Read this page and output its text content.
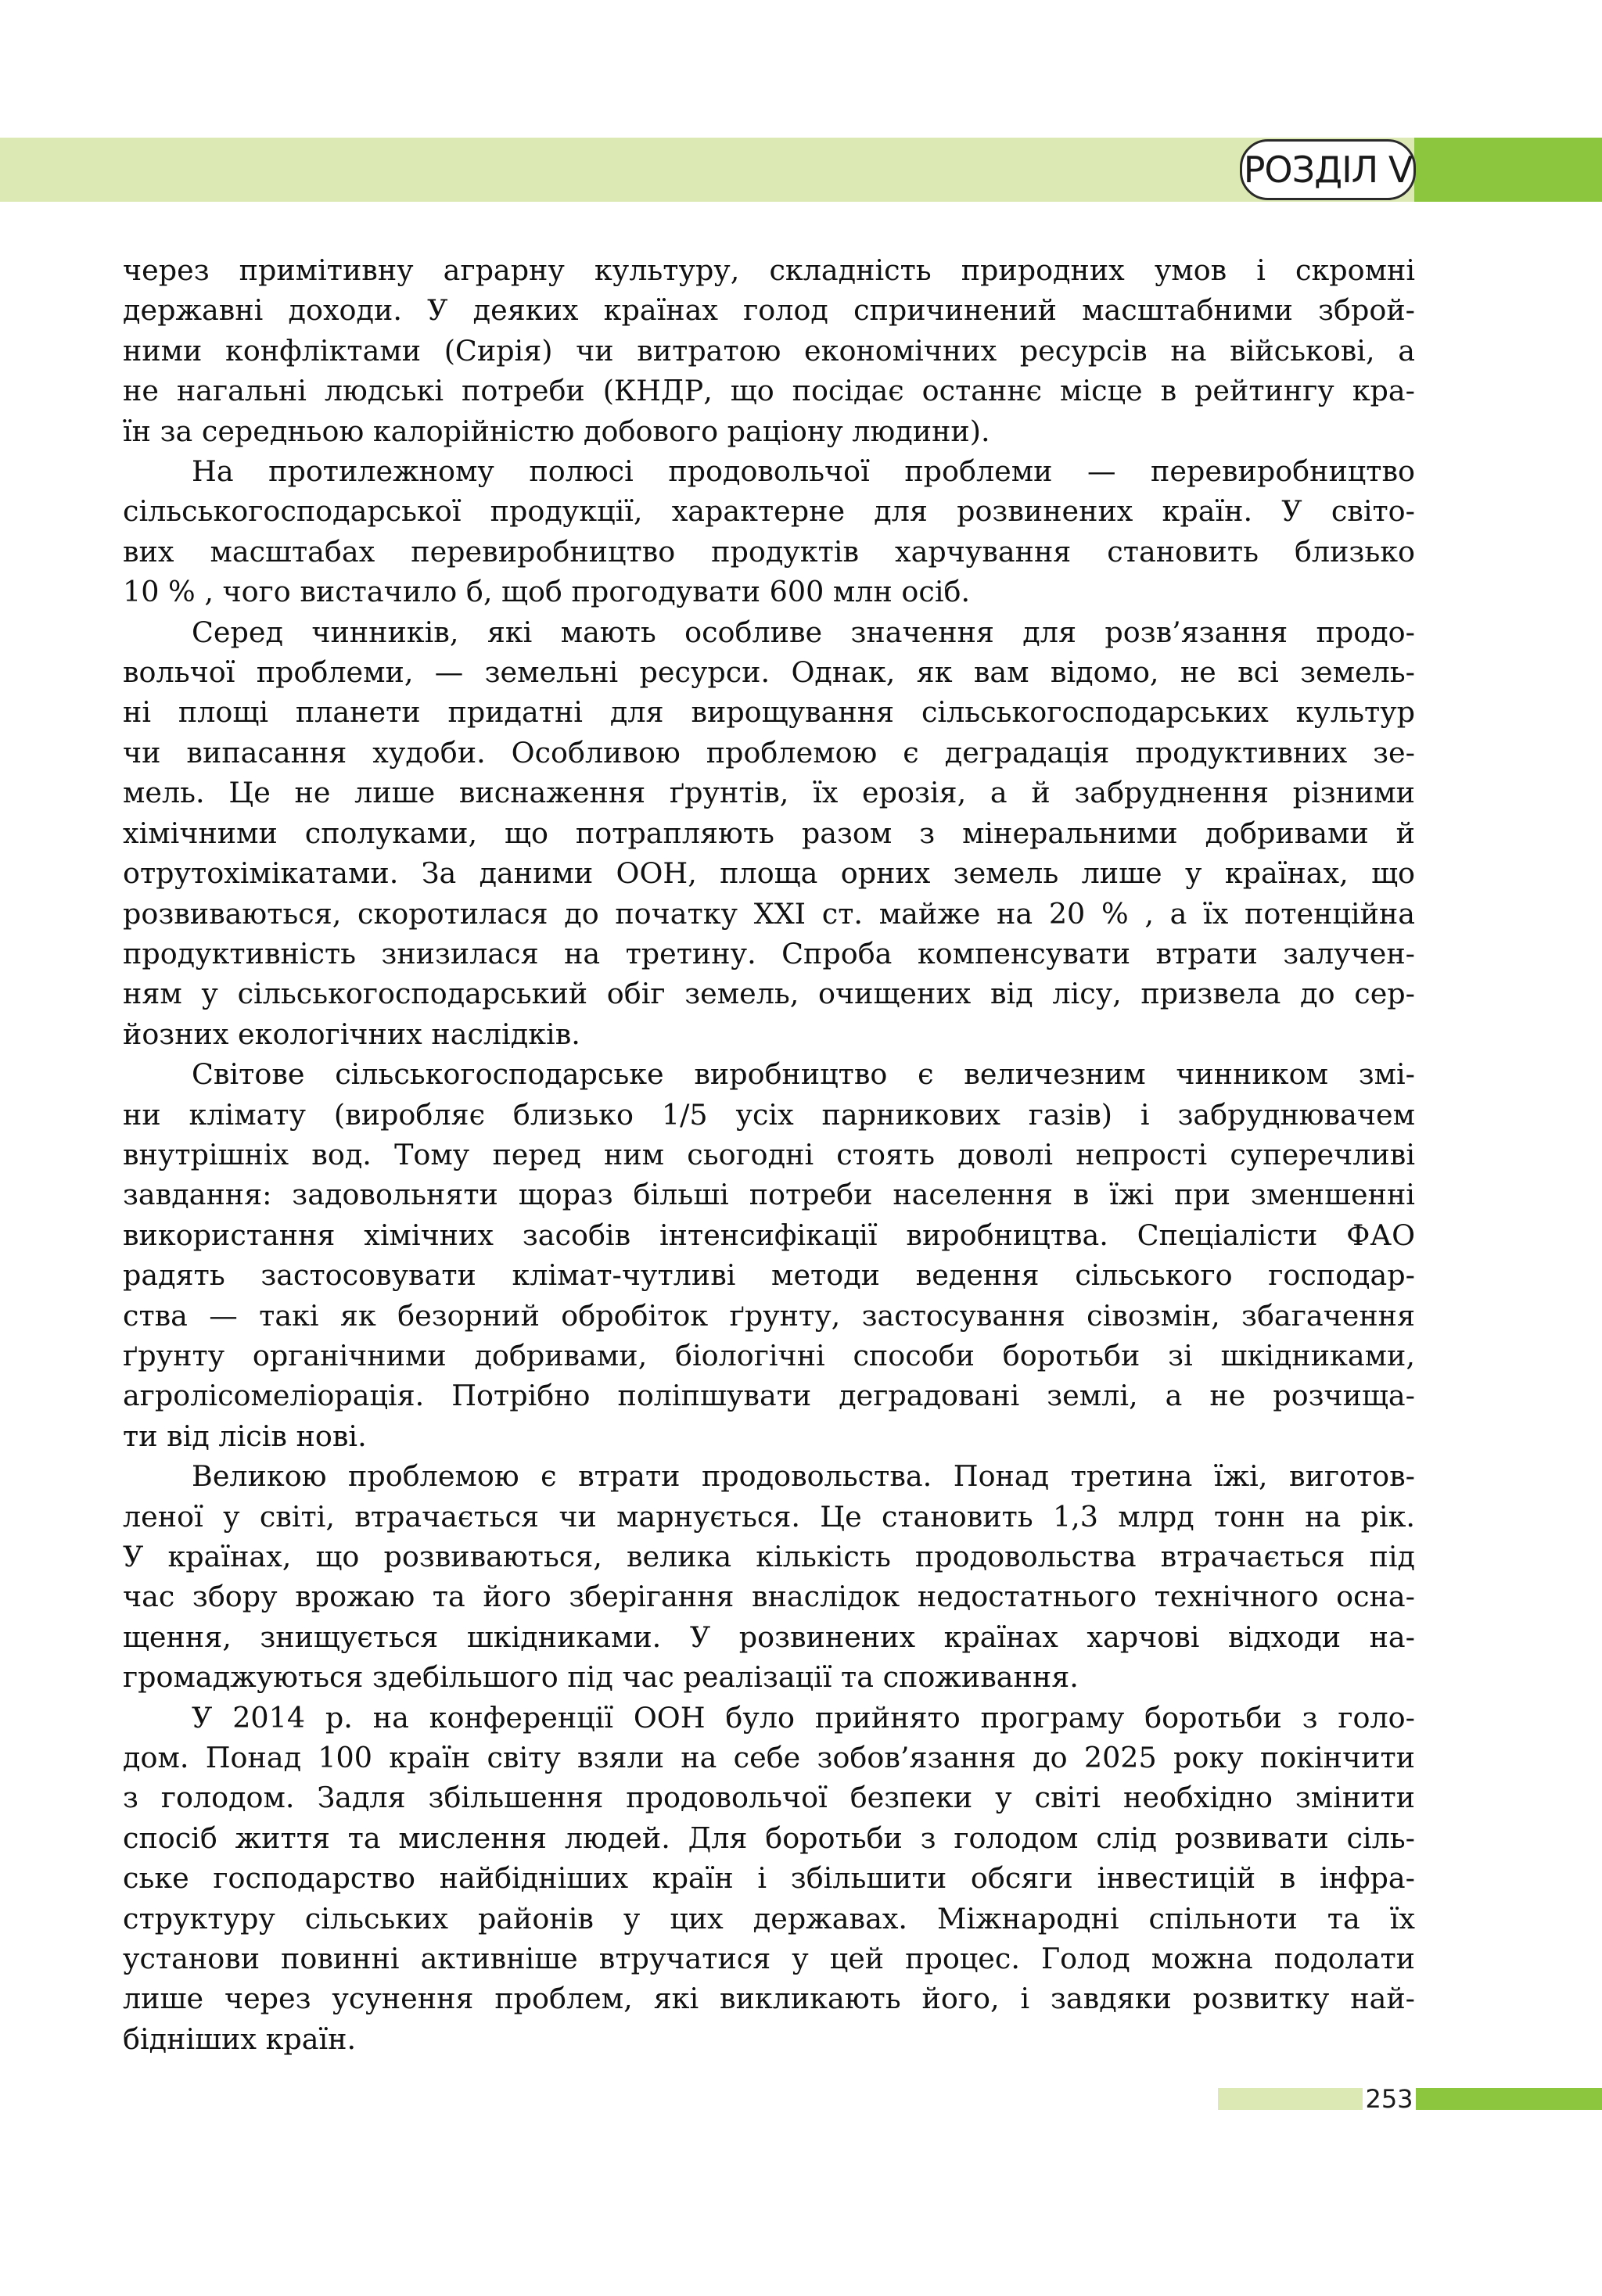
РОЗДІЛ V

через примітивну аграрну культуру, складність природних умов і скромні

державні доходи. У деяких країнах голод спричинений масштабними збрoй-

ними конфліктами (Сирія) чи витратою економічних ресурсів на військові, а

не нагальні людські потреби (КНДР, що посідає останнє місце в рейтингу кра-

їн за середньою калорійністю добового раціону людини).

На протилежному полюсі продовольчої проблеми — перевиробництво

сільськогосподарської продукції, характерне для розвинених країн. У світо-

вих масштабах перевиробництво продуктів харчування становить близько

10 % , чого вистачило б, щоб прогодувати 600 млн осіб.

Серед чинників, які мають особливе значення для розв’язання продо-

вольчої проблеми, — земельні ресурси. Однак, як вам відомо, не всі земель-

ні площі планети придатні для вирощування сільськогосподарських культур

чи випасання худоби. Особливою проблемою є деградація продуктивних зе-

мель. Це не лише виснаження ґрунтів, їх ерозія, а й забруднення різними

хімічними сполуками, що потрапляють разом з мінеральними добривами й

отрутохімікатами. За даними ООН, площа орних земель лише у країнах, що

розвиваються, скоротилася до початку XXI ст. майже на 20 % , а їх потенційна

продуктивність знизилася на третину. Спроба компенсувати втрати залучен-

ням у сільськогосподарський обіг земель, очищених від лісу, призвела до сер-

йозних екологічних наслідків.

Світове сільськогосподарське виробництво є величезним чинником змі-

ни клімату (виробляє близько 1/5 усіх парникових газів) і забруднювачем

внутрішніх вод. Тому перед ним сьогодні стоять доволі непрості суперечливі

завдання: задовольняти щораз більші потреби населення в їжі при зменшенні

використання хімічних засобів інтенсифікації виробництва. Спеціалісти ФАО

радять застосовувати клімат-чутливі методи ведення сільського господар-

ства — такі як безорний обробіток ґрунту, застосування сівозмін, збагачення

ґрунту органічними добривами, біологічні способи боротьби зі шкідниками,

агролісомеліорація. Потрібно поліпшувати деградовані землі, а не розчища-

ти від лісів нові.

Великою проблемою є втрати продовольства. Понад третина їжі, виготов-

леної у світі, втрачається чи марнується. Це становить 1,3 млрд тонн на рік.

У країнах, що розвиваються, велика кількість продовольства втрачається під

час збору врожаю та його зберігання внаслідок недостатнього технічного осна-

щення, знищується шкідниками. У розвинених країнах харчові відходи на-

громаджуються здебільшого під час реалізації та споживання.

У 2014 р. на конференції ООН було прийнято програму боротьби з голо-

дом. Понад 100 країн світу взяли на себе зобов’язання до 2025 року покінчити

з голодом. Задля збільшення продовольчої безпеки у світі необхідно змінити

спосіб життя та мислення людей. Для боротьби з голодом слід розвивати сіль-

ське господарство найбідніших країн і збільшити обсяги інвестицій в інфра-

структуру сільських районів у цих державах. Міжнародні спільноти та їх

установи повинні активніше втручатися у цей процес. Голод можна подолати

лише через усунення проблем, які викликають його, і завдяки розвитку най-

бідніших країн.

253
